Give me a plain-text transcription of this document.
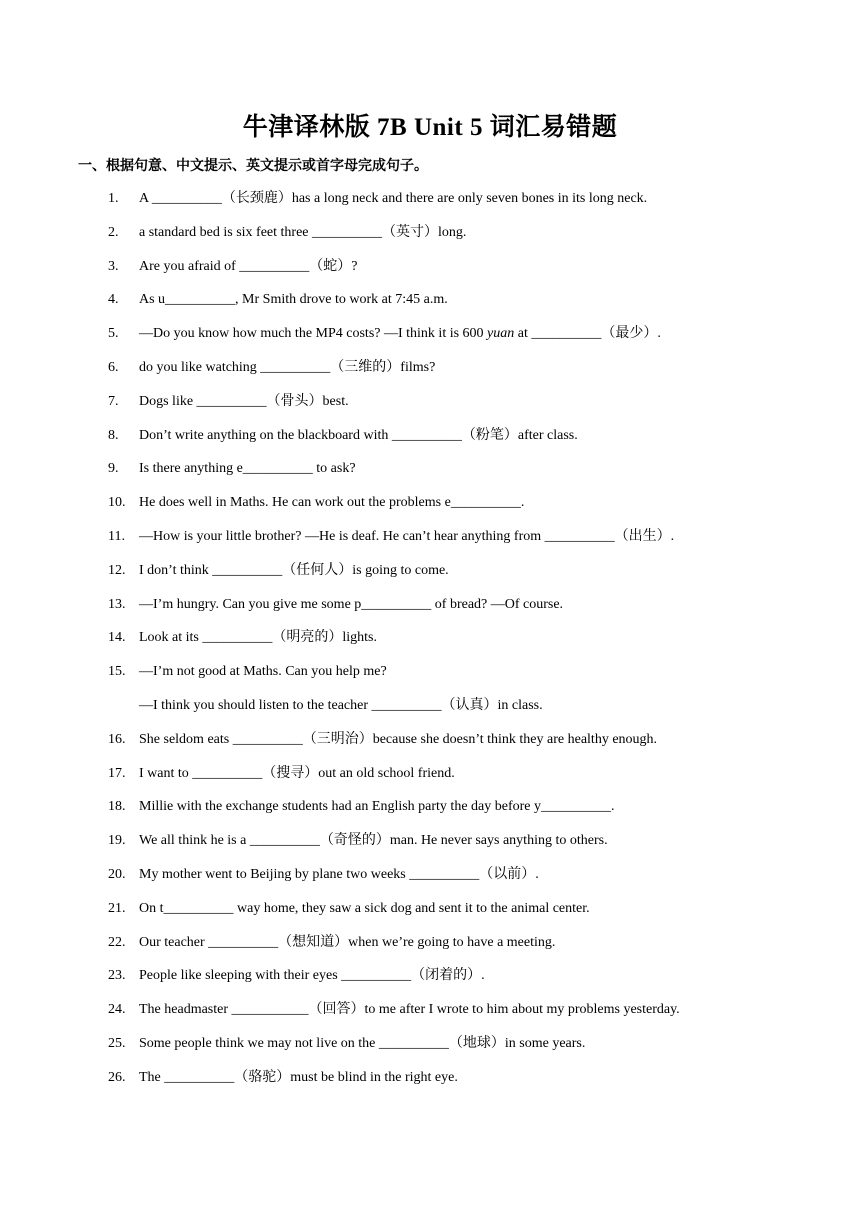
牛津译林版 7B Unit 5 词汇易错题
一、根据句意、中文提示、英文提示或首字母完成句子。
1. A __________（长颈鹿）has a long neck and there are only seven bones in its long neck.
2. a standard bed is six feet three __________（英寸）long.
3. Are you afraid of __________（蛇）?
4. As u__________, Mr Smith drove to work at 7:45 a.m.
5. —Do you know how much the MP4 costs? —I think it is 600 yuan at __________（最少）.
6. do you like watching __________（三维的）films?
7. Dogs like __________（骨头）best.
8. Don’t write anything on the blackboard with __________（粉笔）after class.
9. Is there anything e__________ to ask?
10. He does well in Maths. He can work out the problems e__________.
11. —How is your little brother? —He is deaf. He can’t hear anything from __________（出生）.
12. I don’t think __________（任何人）is going to come.
13. —I’m hungry. Can you give me some p__________ of bread? —Of course.
14. Look at its __________（明亮的）lights.
15. —I’m not good at Maths. Can you help me?
—I think you should listen to the teacher __________（认真）in class.
16. She seldom eats __________（三明治）because she doesn’t think they are healthy enough.
17. I want to __________（搜寻）out an old school friend.
18. Millie with the exchange students had an English party the day before y__________.
19. We all think he is a __________（奇怪的）man. He never says anything to others.
20. My mother went to Beijing by plane two weeks __________（以前）.
21. On t__________ way home, they saw a sick dog and sent it to the animal center.
22. Our teacher __________（想知道）when we’re going to have a meeting.
23. People like sleeping with their eyes __________（闭着的）.
24. The headmaster ___________（回答）to me after I wrote to him about my problems yesterday.
25. Some people think we may not live on the __________（地球）in some years.
26. The __________（骆驼）must be blind in the right eye.
